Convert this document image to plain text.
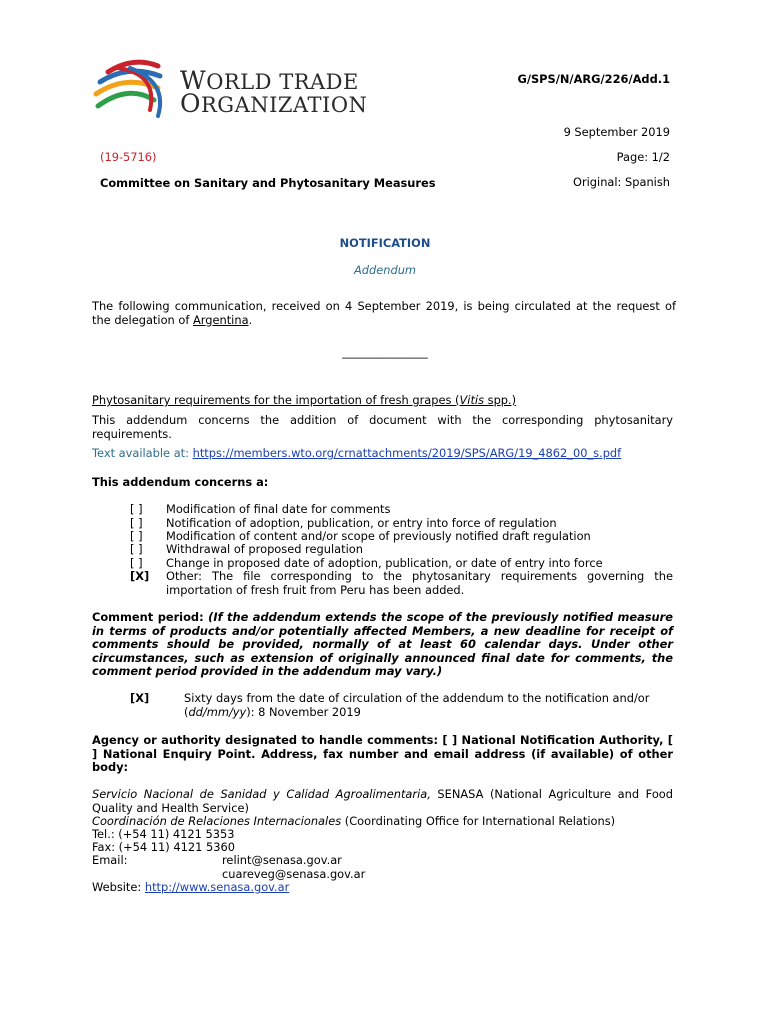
WORLD TRADE
ORGANIZATION
G/SPS/N/ARG/226/Add.1
9 September 2019
(19-5716)	Page: 1/2
Committee on Sanitary and Phytosanitary Measures	Original: Spanish
NOTIFICATION
Addendum
The following communication, received on 4 September 2019, is being circulated at the request of the delegation of Argentina.
_______________
Phytosanitary requirements for the importation of fresh grapes (Vitis spp.)
This addendum concerns the addition of document with the corresponding phytosanitary requirements.
Text available at: https://members.wto.org/crnattachments/2019/SPS/ARG/19_4862_00_s.pdf
This addendum concerns a:
[ ] Modification of final date for comments
[ ] Notification of adoption, publication, or entry into force of regulation
[ ] Modification of content and/or scope of previously notified draft regulation
[ ] Withdrawal of proposed regulation
[ ] Change in proposed date of adoption, publication, or date of entry into force
[X] Other: The file corresponding to the phytosanitary requirements governing the importation of fresh fruit from Peru has been added.
Comment period: (If the addendum extends the scope of the previously notified measure in terms of products and/or potentially affected Members, a new deadline for receipt of comments should be provided, normally of at least 60 calendar days. Under other circumstances, such as extension of originally announced final date for comments, the comment period provided in the addendum may vary.)
[X]	Sixty days from the date of circulation of the addendum to the notification and/or (dd/mm/yy): 8 November 2019
Agency or authority designated to handle comments: [ ] National Notification Authority, [ ] National Enquiry Point. Address, fax number and email address (if available) of other body:
Servicio Nacional de Sanidad y Calidad Agroalimentaria, SENASA (National Agriculture and Food Quality and Health Service)
Coordinación de Relaciones Internacionales (Coordinating Office for International Relations)
Tel.: (+54 11) 4121 5353
Fax: (+54 11) 4121 5360
Email:	relint@senasa.gov.ar
cuareveg@senasa.gov.ar
Website: http://www.senasa.gov.ar
